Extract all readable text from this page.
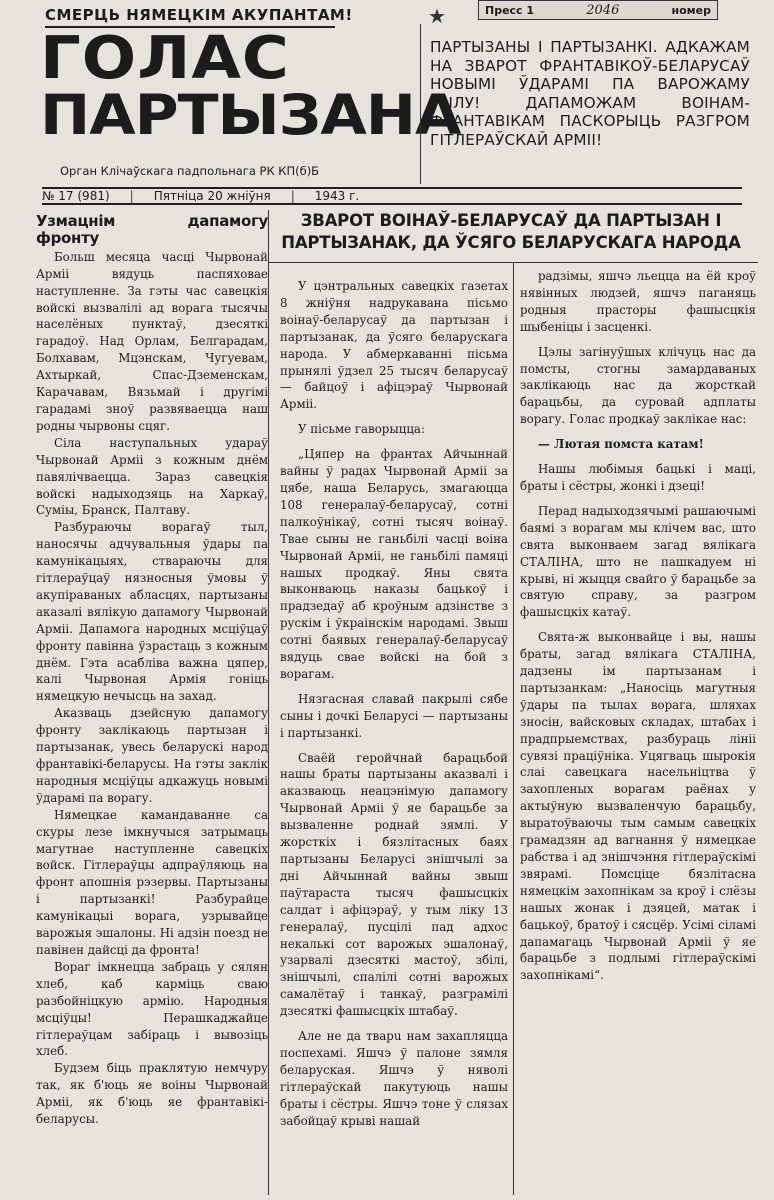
СМЕРЦЬ НЯМЕЦКІМ АКУПАНТАМ!	★	Пресс 1	2046	номер
ГОЛАС
ПАРТЫЗАНА
Орган Клічаўскага падпольнага РК КП(б)Б
ПАРТЫЗАНЫ І ПАРТЫЗАНКІ. АДКАЖАМ НА ЗВАРОТ ФРАНТАВІКОЎ-БЕЛАРУСАЎ НОВЫМІ ЎДАРАМІ ПА ВАРОЖАМУ ТЫЛУ! ДАПАМОЖАМ ВОІНАМ-ФРАНТАВІКАМ ПАСКОРЫЦЬ РАЗГРОМ ГІТЛЕРАЎСКАЙ АРМІІ!
№ 17 (981) | Пятніца 20 жніўня | 1943 г.
Узмацнім дапамогу фронту

Больш месяца часці Чырвонай Арміі вядуць паспяховае наступленне. За гэты час савецкія войскі вызвалілі ад ворага тысячы населёных пунктаў, дзесяткі гарадоў. Над Орлам, Белгарадам, Болхавам, Мцэнскам, Чугуевам, Ахтыркай, Спас-Дземенскам, Карачавам, Вязьмай і другімі гарадамі зноў развяваецца наш родны чырвоны сцяг.

Сіла наступальных удараў Чырвонай Арміі з кожным днём павялічваецца. Зараз савецкія войскі надыходзяць на Харкаў, Суміы, Бранск, Палтаву.

Разбураючы ворагаў тыл, нанoсячы адчувальныя ўдары па камунікацыях, ствараючы для гітлераўцаў нязносныя ўмовы ў акупіраваных абласцях, партызаны аказалі вялікую дапамогу Чырвонай Арміі. Дапамога народных мсціўцаў фронту павінна ўзрастаць з кожным днём. Гэта асабліва важна цяпер, калі Чырвоная Армія гоніць нямецкую нечысць на захад.

Аказваць дзейсную дапамогу фронту заклікаюць партызан і партызанак, увесь беларускі народ франтавікі-беларусы. На гэты заклік народныя мсціўцы адкажуць новымі ўдарамі па ворагу.

Нямецкае камандаванне са скуры лезе імкнучыся затрымаць магутнае наступленне савецкіх войск. Гітлераўцы адпраўляюць на фронт апошнія рэзервы. Партызаны і партызанкі! Разбурайце камунікацыі ворага, узрывайце варожыя эшалоны. Ні адзін поезд не павінен дайсці да фронта!

Вораг імкнецца забраць у сялян хлеб, каб карміць сваю разбойніцкую армію. Народныя мсціўцы! Перашкаджайце гітлераўцам забіраць і вывозіць хлеб.

Будзем біць праклятую немчуру так, як б'юць яе воіны Чырвонай Арміі, як б'юць яе франтавікі-беларусы.

ЗВАРОТ ВОІНАЎ-БЕЛАРУСАЎ ДА ПАРТЫЗАН І ПАРТЫЗАНАК, ДА ЎСЯГО БЕЛАРУСКАГА НАРОДА

У цэнтральных савецкіх газетах 8 жніўня надрукавана пісьмо воінаў-беларусаў да партызан і партызанак, да ўсяго беларускага народа. У абмеркаванні пісьма прынялі ўдзел 25 тысяч беларусаў — байцоў і афіцэраў Чырвонай Арміі.

У пісьме гаворыцца:

„Цяпер на франтах Айчыннай вайны ў радах Чырвонай Арміі за цябе, наша Беларусь, змагаюцца 108 генералаў-беларусаў, сотні палкоўнікаў, сотні тысяч воінаў. Твае сыны не ганьбілі часці воіна Чырвонай Арміі, не ганьбілі памяці нашых продкаў. Яны свята выконваюць наказы бацькоў і прадзедаў аб кроўным адзінстве з рускім і ўкраінскім народамі. Звыш сотні баявых генералаў-беларусаў вядуць свае войскі на бой з ворагам.

Нязгасная славай пакрылі сябе сыны і дочкі Беларусі — партызаны і партызанкі.

Сваёй геройчнай барацьбой нашы браты партызаны аказвалі і аказваюць неацэнімую дапамогу Чырвонай Арміі ў яе барацьбе за вызваленне роднай зямлі. У жорсткіх і бязлітасных баях партызаны Беларусі знішчылі за дні Айчыннай вайны звыш паўтараста тысяч фашысцкіх салдат і афіцэраў, у тым ліку 13 генералаў, пусцілі пад адхос некалькі сот варожых эшалонаў, узарвалі дзесяткі мастоў, збілі, знішчылі, спалілі сотні варожых самалётаў і танкаў, разграмілі дзесяткі фашысцкіх штабаў.

Але не да тварu нам захапляцца поспехамі. Яшчэ ў палоне зямля беларуская. Яшчэ ў няволі гітлераўскай пакутуюць нашы браты і сёстры. Яшчэ тоне ў слязах забойцаў крыві нашай

радзімы, яшчэ льецца на ёй кроў нявінных людзей, яшчэ паганяць родныя прасторы фашысцкія шыбеніцы і засценкі.

Цэлы загінуўшых клічуць нас да помсты, стогны замардаваных заклікаюць нас да жорсткай барацьбы, да суровай адплаты ворагу. Голас продкаў заклікае нас:

— Лютая помста катам!

Нашы любімыя бацькі і маці, браты і сёстры, жонкі і дзеці!

Перад надыходзячымі рашаючымі баямі з ворагам мы клічем вас, што свята выконваем загад вялікага СТАЛІНА, што не пашкадуем ні крыві, ні жыцця свайго ў барацьбе за святую справу, за разгром фашысцкіх катаў.

Свята-ж выконвайце і вы, нашы браты, загад вялікага СТАЛІНА, дадзены ім партызанам і партызанкам: „Наносіць магутныя ўдары па тылах ворага, шляхах зносін, вайсковых складах, штабах і прадпрыемствах, разбураць лініі сувязі праціўніка. Уцягваць шырокія слаі савецкага насельніцтва ў захопленых ворагам раёнах у актыўную вызваленчую барацьбу, выратоўваючы тым самым савецкіх грамадзян ад вагнання ў нямецкае рабства і ад знішчэння гітлераўскімі звярамі. Помсціце бязлітасна нямецкім захопнікам за кроў і слёзы нашых жонак і дзяцей, матак і бацькоў, братоў і сясцёр. Усімі сіламі дапамагаць Чырвонай Арміі ў яе барацьбе з подлымі гітлераўскімі захопнікамі“.
